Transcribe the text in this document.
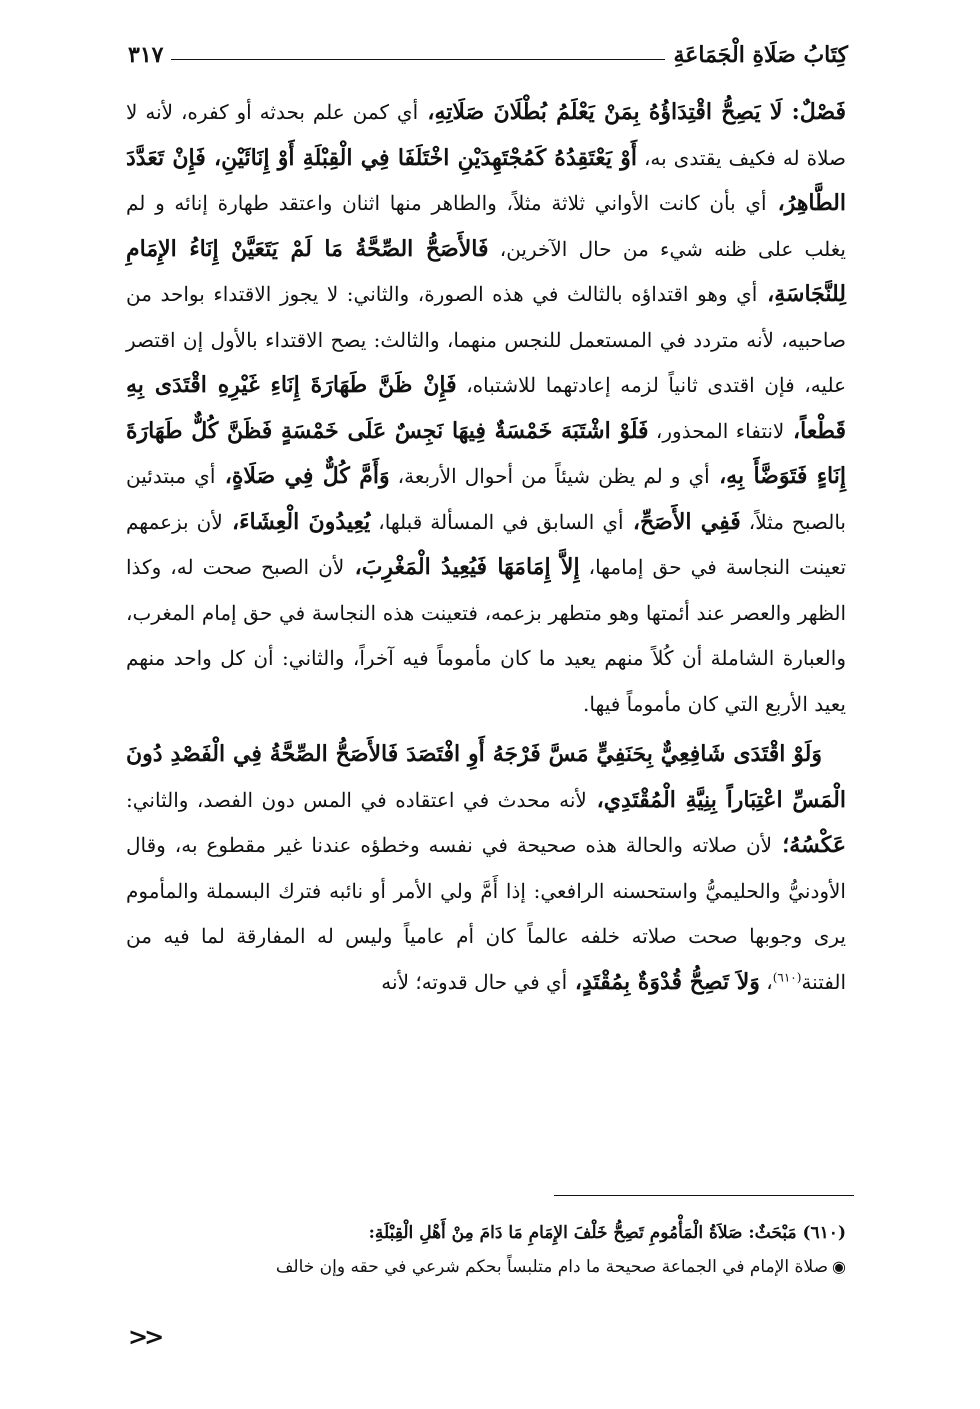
كِتَابُ صَلَاةِ الْجَمَاعَةِ
٣١٧

فَصْلٌ: لَا يَصِحُّ اقْتِدَاؤُهُ بِمَنْ يَعْلَمُ بُطْلَانَ صَلَاتِهِ، أي كمن علم بحدثه أو كفره، لأنه لا صلاة له فكيف يقتدى به، أَوْ يَعْتَقِدُهُ كَمُجْتَهِدَيْنِ اخْتَلَفَا فِي الْقِبْلَةِ أَوْ إِنَائَيْنِ، فَإِنْ تَعَدَّدَ الطَّاهِرُ، أي بأن كانت الأواني ثلاثة مثلاً، والطاهر منها اثنان واعتقد طهارة إنائه و لم يغلب على ظنه شيء من حال الآخرين، فَالأَصَحُّ الصِّحَّةُ مَا لَمْ يَتَعَيَّنْ إِنَاءُ الإِمَامِ لِلنَّجَاسَةِ، أي وهو اقتداؤه بالثالث في هذه الصورة، والثاني: لا يجوز الاقتداء بواحد من صاحبيه، لأنه متردد في المستعمل للنجس منهما، والثالث: يصح الاقتداء بالأول إن اقتصر عليه، فإن اقتدى ثانياً لزمه إعادتهما للاشتباه، فَإِنْ ظَنَّ طَهَارَةَ إِنَاءِ غَيْرِهِ اقْتَدَى بِهِ قَطْعاً، لانتفاء المحذور، فَلَوْ اشْتَبَهَ خَمْسَةٌ فِيهَا نَجِسٌ عَلَى خَمْسَةٍ فَظَنَّ كُلٌّ طَهَارَةَ إِنَاءٍ فَتَوَضَّأَ بِهِ، أي و لم يظن شيئاً من أحوال الأربعة، وَأَمَّ كُلٌّ فِي صَلَاةٍ، أي مبتدئين بالصبح مثلاً، فَفِي الأَصَحِّ، أي السابق في المسألة قبلها، يُعِيدُونَ الْعِشَاءَ، لأن بزعمهم تعينت النجاسة في حق إمامها، إِلاَّ إِمَامَهَا فَيُعِيدُ الْمَغْرِبَ، لأن الصبح صحت له، وكذا الظهر والعصر عند أئمتها وهو متطهر بزعمه، فتعينت هذه النجاسة في حق إمام المغرب، والعبارة الشاملة أن كُلاً منهم يعيد ما كان مأموماً فيه آخراً، والثاني: أن كل واحد منهم يعيد الأربع التي كان مأموماً فيها.

وَلَوْ اقْتَدَى شَافِعِيٌّ بِحَنَفِيٍّ مَسَّ فَرْجَهُ أَوِ افْتَصَدَ فَالأَصَحُّ الصِّحَّةُ فِي الْفَصْدِ دُونَ الْمَسِّ اعْتِبَاراً بِنِيَّةِ الْمُقْتَدِي، لأنه محدث في اعتقاده في المس دون الفصد، والثاني: عَكْسُهُ؛ لأن صلاته والحالة هذه صحيحة في نفسه وخطؤه عندنا غير مقطوع به، وقال الأودنيُّ والحليميُّ واستحسنه الرافعي: إذا أَمَّ ولي الأمر أو نائبه فترك البسملة والمأموم يرى وجوبها صحت صلاته خلفه عالماً كان أم عامياً وليس له المفارقة لما فيه من الفتنة$^{(٦١٠)}$، وَلاَ تَصِحُّ قُدْوَةٌ بِمُقْتَدٍ، أي في حال قدوته؛ لأنه

(٦١٠) مَبْحَثٌ: صَلاَةُ الْمَأْمُومِ تَصِحُّ خَلْفَ الإِمَامِ مَا دَامَ مِنْ أَهْلِ الْقِبْلَةِ:

◉صلاة الإمام في الجماعة صحيحة ما دام متلبساً بحكم شرعي في حقه وإن خالف

<<
